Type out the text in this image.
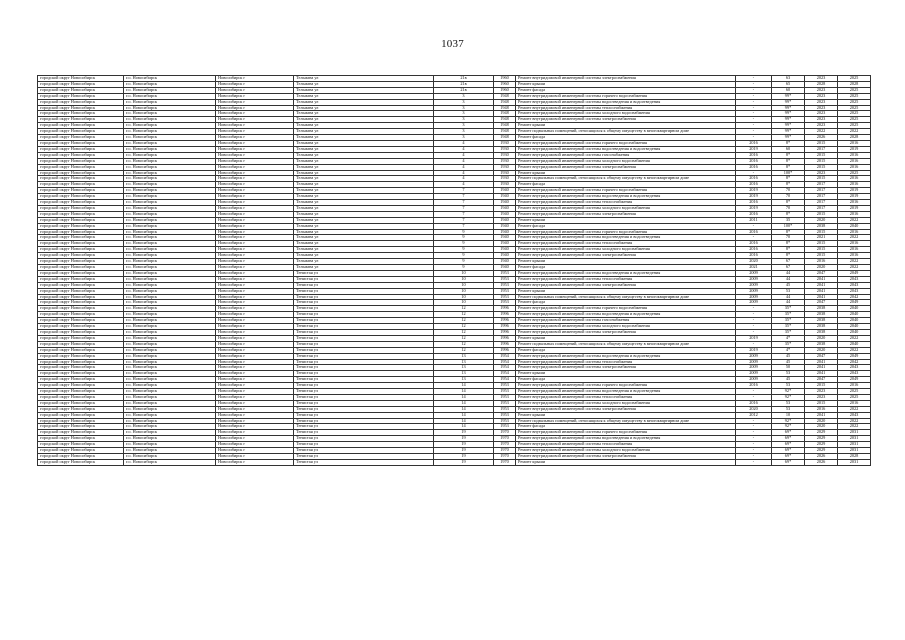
1037
городской округ Новосибирск	г.о. Новосибирск	Новосибирск г	Тельмана ул	21в	1960	Ремонт внутридомовой инженерной системы электроснабжения	-	63	2023	2025
городской округ Новосибирск	г.о. Новосибирск	Новосибирск г	Тельмана ул	21в	1960	Ремонт крыши	-	65	2028	2028
городской округ Новосибирск	г.о. Новосибирск	Новосибирск г	Тельмана ул	21в	1960	Ремонт фасада	-	60	2023	2025
городской округ Новосибирск	г.о. Новосибирск	Новосибирск г	Тельмана ул	3	1948	Ремонт внутридомовой инженерной системы горячего водоснабжения	-	99*	2023	2025
городской округ Новосибирск	г.о. Новосибирск	Новосибирск г	Тельмана ул	3	1948	Ремонт внутридомовой инженерной системы водоотведения и водоотведения	-	99*	2023	2025
городской округ Новосибирск	г.о. Новосибирск	Новосибирск г	Тельмана ул	3	1948	Ремонт внутридомовой инженерной системы теплоснабжения	-	99*	2023	2025
городской округ Новосибирск	г.о. Новосибирск	Новосибирск г	Тельмана ул	3	1948	Ремонт внутридомовой инженерной системы холодного водоснабжения	-	99*	2023	2025
городской округ Новосибирск	г.о. Новосибирск	Новосибирск г	Тельмана ул	3	1948	Ремонт внутридомовой инженерной системы электроснабжения	-	99*	2023	2025
городской округ Новосибирск	г.о. Новосибирск	Новосибирск г	Тельмана ул	3	1948	Ремонт крыши	-	99*	2023	2025
городской округ Новосибирск	г.о. Новосибирск	Новосибирск г	Тельмана ул	3	1948	Ремонт подвальных помещений, относящихся к общему имуществу в многоквартирном доме	-	99*	2022	2022
городской округ Новосибирск	г.о. Новосибирск	Новосибирск г	Тельмана ул	3	1948	Ремонт фасада	-	99*	2026	2028
городской округ Новосибирск	г.о. Новосибирск	Новосибирск г	Тельмана ул	4	1930	Ремонт внутридомовой инженерной системы горячего водоснабжения	2016	8*	2015	2016
городской округ Новосибирск	г.о. Новосибирск	Новосибирск г	Тельмана ул	4	1930	Ремонт внутридомовой инженерной системы водоотведения и водоотведения	2019	60	2017	2019
городской округ Новосибирск	г.о. Новосибирск	Новосибирск г	Тельмана ул	4	1930	Ремонт внутридомовой инженерной системы газоснабжения	2016	8*	2015	2016
городской округ Новосибирск	г.о. Новосибирск	Новосибирск г	Тельмана ул	4	1930	Ремонт внутридомовой инженерной системы холодного водоснабжения	2016	8*	2015	2016
городской округ Новосибирск	г.о. Новосибирск	Новосибирск г	Тельмана ул	4	1930	Ремонт внутридомовой инженерной системы электроснабжения	2016	8*	2015	2016
городской округ Новосибирск	г.о. Новосибирск	Новосибирск г	Тельмана ул	4	1930	Ремонт крыши	-	100*	2023	2025
городской округ Новосибирск	г.о. Новосибирск	Новосибирск г	Тельмана ул	4	1930	Ремонт подвальных помещений, относящихся к общему имуществу в многоквартирном доме	2016	8*	2015	2016
городской округ Новосибирск	г.о. Новосибирск	Новосибирск г	Тельмана ул	4	1930	Ремонт фасада	2016	8*	2017	2016
городской округ Новосибирск	г.о. Новосибирск	Новосибирск г	Тельмана ул	7	1940	Ремонт внутридомовой инженерной системы горячего водоснабжения	2019	70	2017	2019
городской округ Новосибирск	г.о. Новосибирск	Новосибирск г	Тельмана ул	7	1940	Ремонт внутридомовой инженерной системы водоотведения и водоотведения	2019	70	2017	2019
городской округ Новосибирск	г.о. Новосибирск	Новосибирск г	Тельмана ул	7	1940	Ремонт внутридомовой инженерной системы теплоснабжения	2016	8*	2017	2016
городской округ Новосибирск	г.о. Новосибирск	Новосибирск г	Тельмана ул	7	1940	Ремонт внутридомовой инженерной системы холодного водоснабжения	2019	70	2017	2019
городской округ Новосибирск	г.о. Новосибирск	Новосибирск г	Тельмана ул	7	1940	Ремонт внутридомовой инженерной системы электроснабжения	2016	8*	2015	2016
городской округ Новосибирск	г.о. Новосибирск	Новосибирск г	Тельмана ул	7	1940	Ремонт крыши	2011	35	2020	2022
городской округ Новосибирск	г.о. Новосибирск	Новосибирск г	Тельмана ул	7	1940	Ремонт фасада	-	100*	2038	2040
городской округ Новосибирск	г.о. Новосибирск	Новосибирск г	Тельмана ул	9	1940	Ремонт внутридомовой инженерной системы горячего водоснабжения	2016	8*	2015	2016
городской округ Новосибирск	г.о. Новосибирск	Новосибирск г	Тельмана ул	9	1940	Ремонт внутридомовой инженерной системы водоотведения и водоотведения	-	70	2021	2022
городской округ Новосибирск	г.о. Новосибирск	Новосибирск г	Тельмана ул	9	1940	Ремонт внутридомовой инженерной системы теплоснабжения	2016	8*	2015	2016
городской округ Новосибирск	г.о. Новосибирск	Новосибирск г	Тельмана ул	9	1940	Ремонт внутридомовой инженерной системы холодного водоснабжения	2016	8*	2015	2016
городской округ Новосибирск	г.о. Новосибирск	Новосибирск г	Тельмана ул	9	1940	Ремонт внутридомовой инженерной системы электроснабжения	2016	8*	2015	2016
городской округ Новосибирск	г.о. Новосибирск	Новосибирск г	Тельмана ул	9	1940	Ремонт крыши	2020	67	2016	2022
городской округ Новосибирск	г.о. Новосибирск	Новосибирск г	Тельмана ул	9	1940	Ремонт фасада	2021	67	2020	2022
городской округ Новосибирск	г.о. Новосибирск	Новосибирск г	Тенистая ул	10	1953	Ремонт внутридомовой инженерной системы водоотведения и водоотведения	2009	44	2047	2049
городской округ Новосибирск	г.о. Новосибирск	Новосибирск г	Тенистая ул	10	1953	Ремонт внутридомовой инженерной системы теплоснабжения	2009	44	2041	2043
городской округ Новосибирск	г.о. Новосибирск	Новосибирск г	Тенистая ул	10	1953	Ремонт внутридомовой инженерной системы электроснабжения	2009	45	2041	2043
городской округ Новосибирск	г.о. Новосибирск	Новосибирск г	Тенистая ул	10	1953	Ремонт крыши	2009	53	2041	2043
городской округ Новосибирск	г.о. Новосибирск	Новосибирск г	Тенистая ул	10	1953	Ремонт подвальных помещений, относящихся к общему имуществу в многоквартирном доме	2009	44	2041	2042
городской округ Новосибирск	г.о. Новосибирск	Новосибирск г	Тенистая ул	10	1953	Ремонт фасада	2009	44	2047	2049
городской округ Новосибирск	г.о. Новосибирск	Новосибирск г	Тенистая ул	12	1996	Ремонт внутридомовой инженерной системы горячего водоснабжения	-	35*	2038	2040
городской округ Новосибирск	г.о. Новосибирск	Новосибирск г	Тенистая ул	12	1996	Ремонт внутридомовой инженерной системы водоотведения и водоотведения	-	35*	2038	2040
городской округ Новосибирск	г.о. Новосибирск	Новосибирск г	Тенистая ул	12	1996	Ремонт внутридомовой инженерной системы газоснабжения	-	35*	2038	2040
городской округ Новосибирск	г.о. Новосибирск	Новосибирск г	Тенистая ул	12	1996	Ремонт внутридомовой инженерной системы холодного водоснабжения	-	35*	2038	2040
городской округ Новосибирск	г.о. Новосибирск	Новосибирск г	Тенистая ул	12	1996	Ремонт внутридомовой инженерной системы электроснабжения	-	35*	2038	2040
городской округ Новосибирск	г.о. Новосибирск	Новосибирск г	Тенистая ул	12	1996	Ремонт крыши	2019	4*	2020	2022
городской округ Новосибирск	г.о. Новосибирск	Новосибирск г	Тенистая ул	12	1996	Ремонт подвальных помещений, относящихся к общему имуществу в многоквартирном доме	-	35*	2038	2040
городской округ Новосибирск	г.о. Новосибирск	Новосибирск г	Тенистая ул	12	1996	Ремонт фасада	2019	4*	2020	2022
городской округ Новосибирск	г.о. Новосибирск	Новосибирск г	Тенистая ул	13	1954	Ремонт внутридомовой инженерной системы водоотведения и водоотведения	2009	45	2047	2049
городской округ Новосибирск	г.о. Новосибирск	Новосибирск г	Тенистая ул	13	1954	Ремонт внутридомовой инженерной системы теплоснабжения	2009	45	2041	2042
городской округ Новосибирск	г.о. Новосибирск	Новосибирск г	Тенистая ул	13	1954	Ремонт внутридомовой инженерной системы электроснабжения	2009	50	2041	2043
городской округ Новосибирск	г.о. Новосибирск	Новосибирск г	Тенистая ул	13	1954	Ремонт крыши	2009	53	2041	2043
городской округ Новосибирск	г.о. Новосибирск	Новосибирск г	Тенистая ул	13	1954	Ремонт фасада	2009	45	2047	2049
городской округ Новосибирск	г.о. Новосибирск	Новосибирск г	Тенистая ул	14	1953	Ремонт внутридомовой инженерной системы горячего водоснабжения	2016	53	2015	2016
городской округ Новосибирск	г.о. Новосибирск	Новосибирск г	Тенистая ул	14	1953	Ремонт внутридомовой инженерной системы водоотведения и водоотведения	-	92*	2023	2025
городской округ Новосибирск	г.о. Новосибирск	Новосибирск г	Тенистая ул	14	1953	Ремонт внутридомовой инженерной системы теплоснабжения	-	92*	2023	2025
городской округ Новосибирск	г.о. Новосибирск	Новосибирск г	Тенистая ул	14	1953	Ремонт внутридомовой инженерной системы холодного водоснабжения	2016	53	2015	2016
городской округ Новосибирск	г.о. Новосибирск	Новосибирск г	Тенистая ул	14	1953	Ремонт внутридомовой инженерной системы электроснабжения	2020	53	2016	2022
городской округ Новосибирск	г.о. Новосибирск	Новосибирск г	Тенистая ул	14	1953	Ремонт крыши	2012	10	2041	2043
городской округ Новосибирск	г.о. Новосибирск	Новосибирск г	Тенистая ул	14	1953	Ремонт подвальных помещений, относящихся к общему имуществу в многоквартирном доме	-	92*	2020	2022
городской округ Новосибирск	г.о. Новосибирск	Новосибирск г	Тенистая ул	14	1953	Ремонт фасада	-	92*	2020	2022
городской округ Новосибирск	г.о. Новосибирск	Новосибирск г	Тенистая ул	19	1970	Ремонт внутридомовой инженерной системы горячего водоснабжения	-	69*	2029	2031
городской округ Новосибирск	г.о. Новосибирск	Новосибирск г	Тенистая ул	19	1970	Ремонт внутридомовой инженерной системы водоотведения и водоотведения	-	69*	2029	2031
городской округ Новосибирск	г.о. Новосибирск	Новосибирск г	Тенистая ул	19	1970	Ремонт внутридомовой инженерной системы теплоснабжения	-	69*	2029	2031
городской округ Новосибирск	г.о. Новосибирск	Новосибирск г	Тенистая ул	19	1970	Ремонт внутридомовой инженерной системы холодного водоснабжения	-	69*	2029	2031
городской округ Новосибирск	г.о. Новосибирск	Новосибирск г	Тенистая ул	19	1970	Ремонт внутридомовой инженерной системы электроснабжения	-	69*	2026	2028
городской округ Новосибирск	г.о. Новосибирск	Новосибирск г	Тенистая ул	19	1970	Ремонт крыши	-	69*	2026	2031
